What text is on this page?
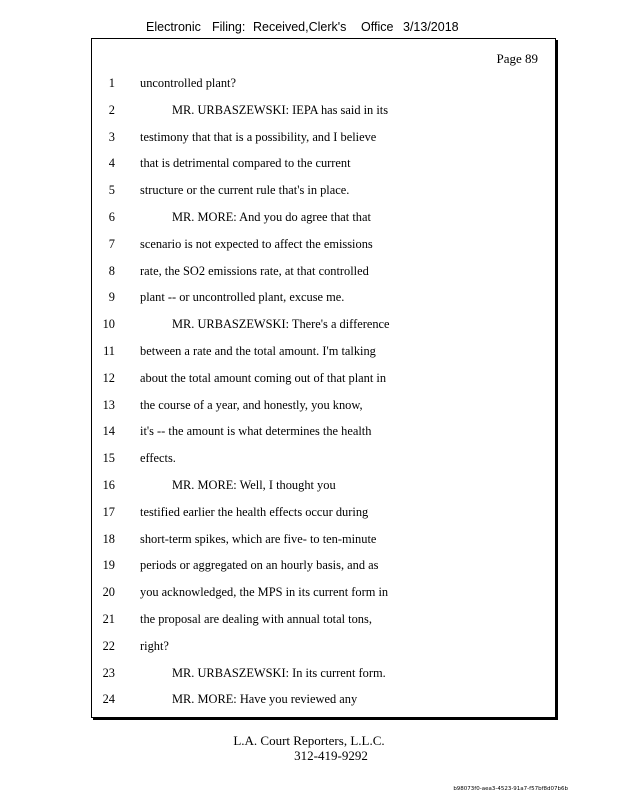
Electronic Filing: Received,Clerk's Office 3/13/2018
Page 89
1 uncontrolled plant?
2	MR. URBASZEWSKI: IEPA has said in its
3 testimony that that is a possibility, and I believe
4 that is detrimental compared to the current
5 structure or the current rule that's in place.
6	MR. MORE: And you do agree that that
7 scenario is not expected to affect the emissions
8 rate, the SO2 emissions rate, at that controlled
9 plant -- or uncontrolled plant, excuse me.
10	MR. URBASZEWSKI: There's a difference
11 between a rate and the total amount. I'm talking
12 about the total amount coming out of that plant in
13 the course of a year, and honestly, you know,
14 it's -- the amount is what determines the health
15 effects.
16	MR. MORE: Well, I thought you
17 testified earlier the health effects occur during
18 short-term spikes, which are five- to ten-minute
19 periods or aggregated on an hourly basis, and as
20 you acknowledged, the MPS in its current form in
21 the proposal are dealing with annual total tons,
22 right?
23	MR. URBASZEWSKI: In its current form.
24	MR. MORE: Have you reviewed any
L.A. Court Reporters, L.L.C.
312-419-9292
b98073f0-aea3-4523-91a7-f57bf8d07b6b
